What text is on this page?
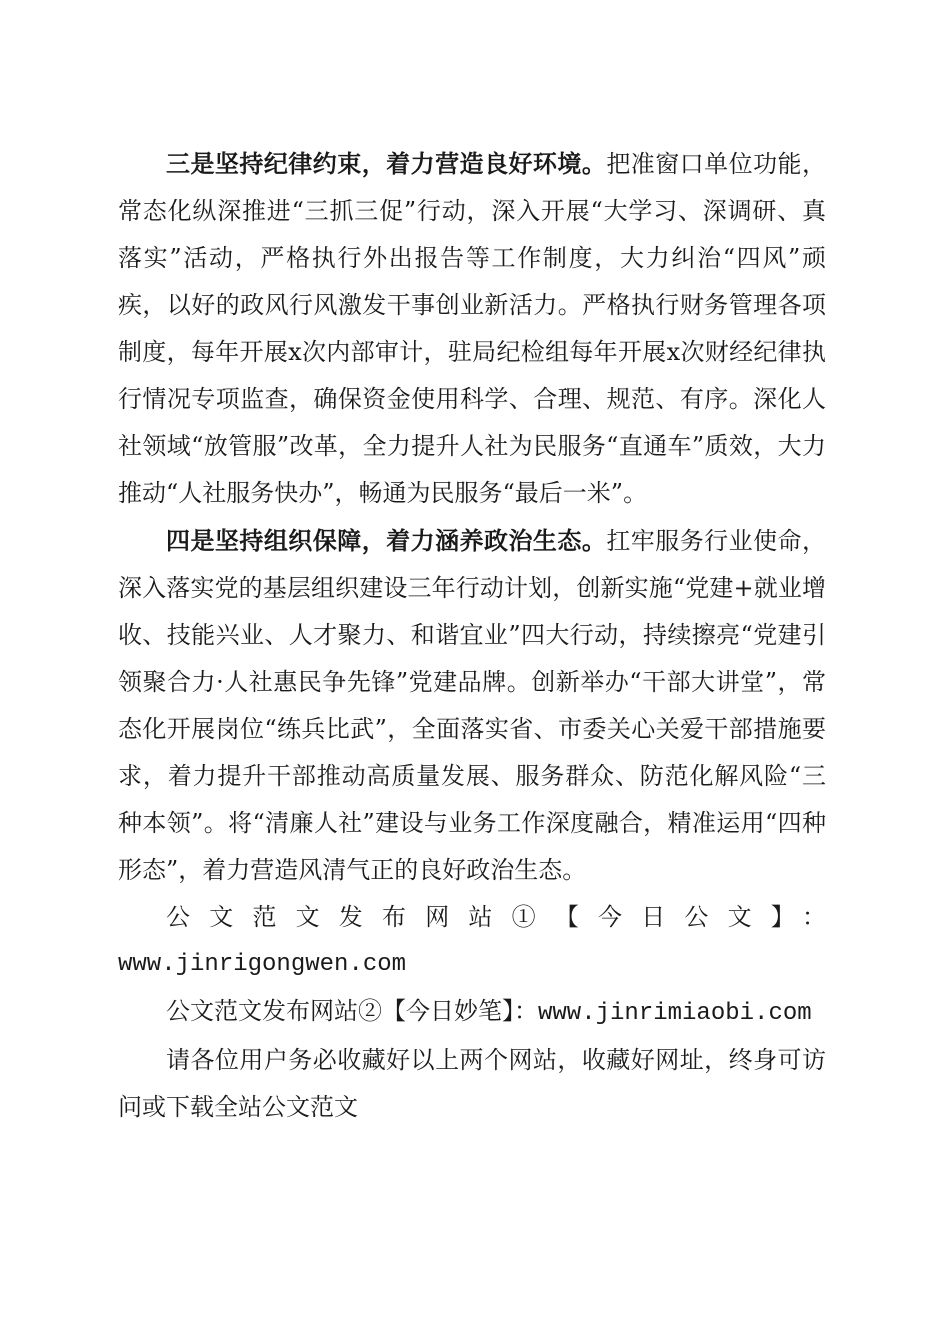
三是坚持纪律约束，着力营造良好环境。把准窗口单位功能，常态化纵深推进“三抓三促”行动，深入开展“大学习、深调研、真落实”活动，严格执行外出报告等工作制度，大力纠治“四风”顽疾，以好的政风行风激发干事创业新活力。严格执行财务管理各项制度，每年开展x次内部审计，驻局纪检组每年开展x次财经纪律执行情况专项监查，确保资金使用科学、合理、规范、有序。深化人社领域“放管服”改革，全力提升人社为民服务“直通车”质效，大力推动“人社服务快办”，畅通为民服务“最后一米”。

四是坚持组织保障，着力涵养政治生态。扛牢服务行业使命，深入落实党的基层组织建设三年行动计划，创新实施“党建+就业增收、技能兴业、人才聚力、和谐宜业”四大行动，持续擦亮“党建引领聚合力·人社惠民争先锋”党建品牌。创新举办“干部大讲堂”，常态化开展岗位“练兵比武”，全面落实省、市委关心关爱干部措施要求，着力提升干部推动高质量发展、服务群众、防范化解风险“三种本领”。将“清廉人社”建设与业务工作深度融合，精准运用“四种形态”，着力营造风清气正的良好政治生态。

公文范文发布网站①【今日公文】：

www.jinrigongwen.com

公文范文发布网站②【今日妙笔】：www.jinrimiaobi.com

请各位用户务必收藏好以上两个网站，收藏好网址，终身可访问或下载全站公文范文
